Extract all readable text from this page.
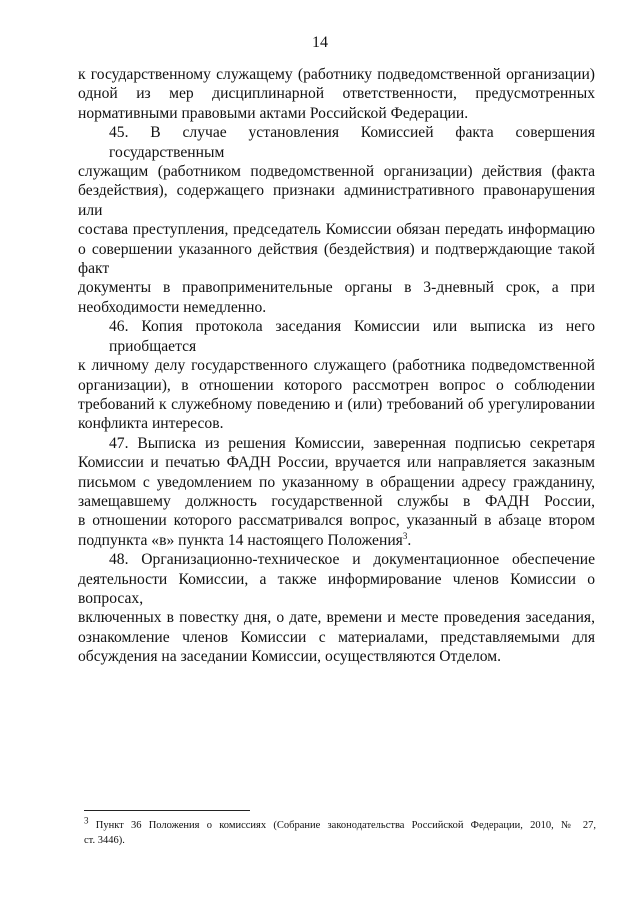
14

к государственному служащему (работнику подведомственной организации)
одной из мер дисциплинарной ответственности, предусмотренных
нормативными правовыми актами Российской Федерации.

45. В случае установления Комиссией факта совершения государственным
служащим (работником подведомственной организации) действия (факта
бездействия), содержащего признаки административного правонарушения или
состава преступления, председатель Комиссии обязан передать информацию
о совершении указанного действия (бездействия) и подтверждающие такой факт
документы в правоприменительные органы в 3-дневный срок, а при
необходимости немедленно.

46. Копия протокола заседания Комиссии или выписка из него приобщается
к личному делу государственного служащего (работника подведомственной
организации), в отношении которого рассмотрен вопрос о соблюдении
требований к служебному поведению и (или) требований об урегулировании
конфликта интересов.

47. Выписка из решения Комиссии, заверенная подписью секретаря
Комиссии и печатью ФАДН России, вручается или направляется заказным
письмом с уведомлением по указанному в обращении адресу гражданину,
замещавшему должность государственной службы в ФАДН России,
в отношении которого рассматривался вопрос, указанный в абзаце втором
подпункта «в» пункта 14 настоящего Положения$^3$.

48. Организационно-техническое и документационное обеспечение
деятельности Комиссии, а также информирование членов Комиссии о вопросах,
включенных в повестку дня, о дате, времени и месте проведения заседания,
ознакомление членов Комиссии с материалами, представляемыми для
обсуждения на заседании Комиссии, осуществляются Отделом.

$^3$ Пункт 36 Положения о комиссиях (Собрание законодательства Российской Федерации, 2010, № 27,
ст. 3446).
